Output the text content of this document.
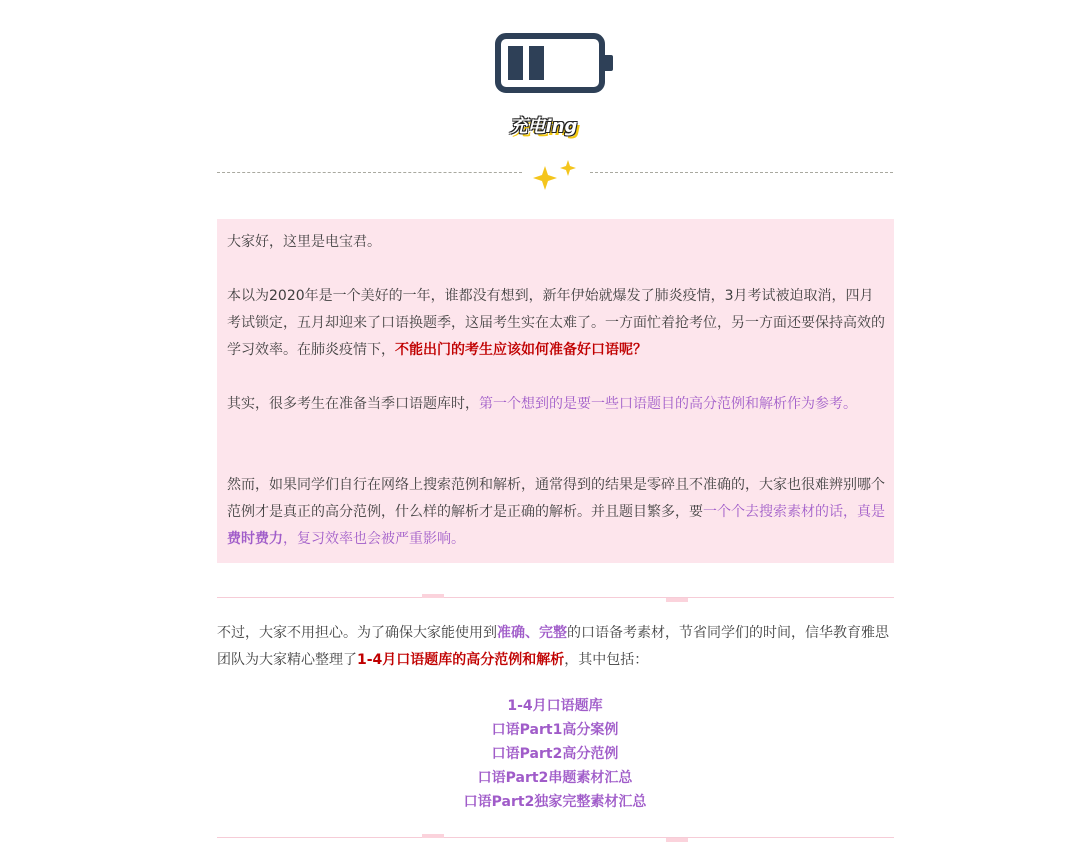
充电ing

大家好，这里是电宝君。

本以为2020年是一个美好的一年，谁都没有想到，新年伊始就爆发了肺炎疫情，3月考试被迫取消，四月考试锁定，五月却迎来了口语换题季，这届考生实在太难了。一方面忙着抢考位，另一方面还要保持高效的学习效率。在肺炎疫情下，不能出门的考生应该如何准备好口语呢？

其实，很多考生在准备当季口语题库时，第一个想到的是要一些口语题目的高分范例和解析作为参考。

然而，如果同学们自行在网络上搜索范例和解析，通常得到的结果是零碎且不准确的，大家也很难辨别哪个范例才是真正的高分范例，什么样的解析才是正确的解析。并且题目繁多，要一个个去搜索素材的话，真是费时费力，复习效率也会被严重影响。

不过，大家不用担心。为了确保大家能使用到准确、完整的口语备考素材，节省同学们的时间，信华教育雅思团队为大家精心整理了1-4月口语题库的高分范例和解析，其中包括：

1-4月口语题库
口语Part1高分案例
口语Part2高分范例
口语Part2串题素材汇总
口语Part2独家完整素材汇总
